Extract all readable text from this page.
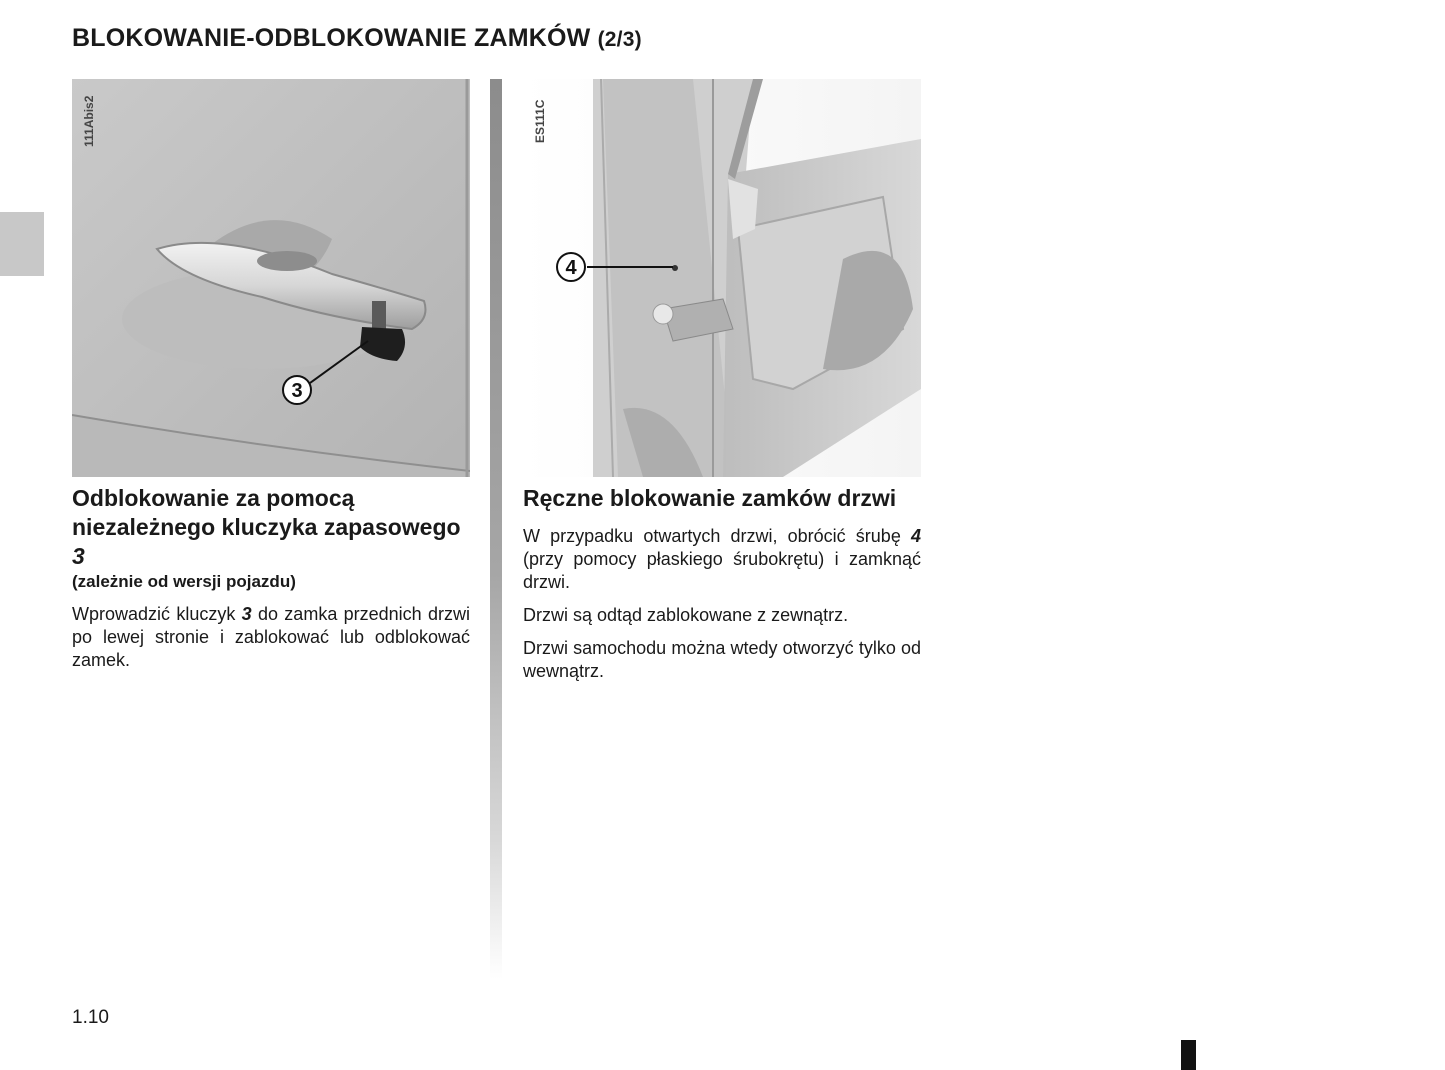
BLOKOWANIE-ODBLOKOWANIE ZAMKÓW (2/3)
3
111Abis2
4
ES111C
Odblokowanie za pomocą niezależnego kluczyka zapasowego 3

(zależnie od wersji pojazdu)

Wprowadzić kluczyk 3 do zamka przednich drzwi po lewej stronie i zablokować lub odblokować zamek.

Ręczne blokowanie zamków drzwi

W przypadku otwartych drzwi, obrócić śrubę 4 (przy pomocy płaskiego śrubokrętu) i zamknąć drzwi.

Drzwi są odtąd zablokowane z zewnątrz.

Drzwi samochodu można wtedy otworzyć tylko od wewnątrz.

1.10
